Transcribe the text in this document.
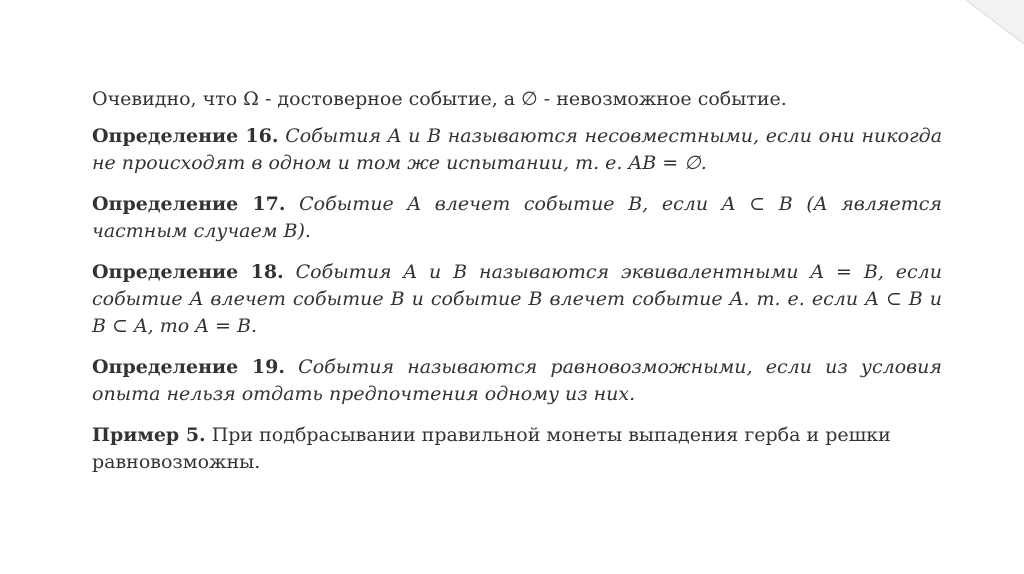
Очевидно, что Ω - достоверное событие, а ∅ - невозможное событие.

Определение 16. События A и B называются несовместными, если они никогда не происходят в одном и том же испытании, т. е. AB = ∅.

Определение 17. Событие A влечет событие B, если A ⊂ B (A является частным случаем B).

Определение 18. События A и B называются эквивалентными A = B, если событие A влечет событие B и событие B влечет событие A. т. е. если A ⊂ B и B ⊂ A, то A = B.

Определение 19. События называются равновозможными, если из условия опыта нельзя отдать предпочтения одному из них.

Пример 5. При подбрасывании правильной монеты выпадения герба и решки равновозможны.
